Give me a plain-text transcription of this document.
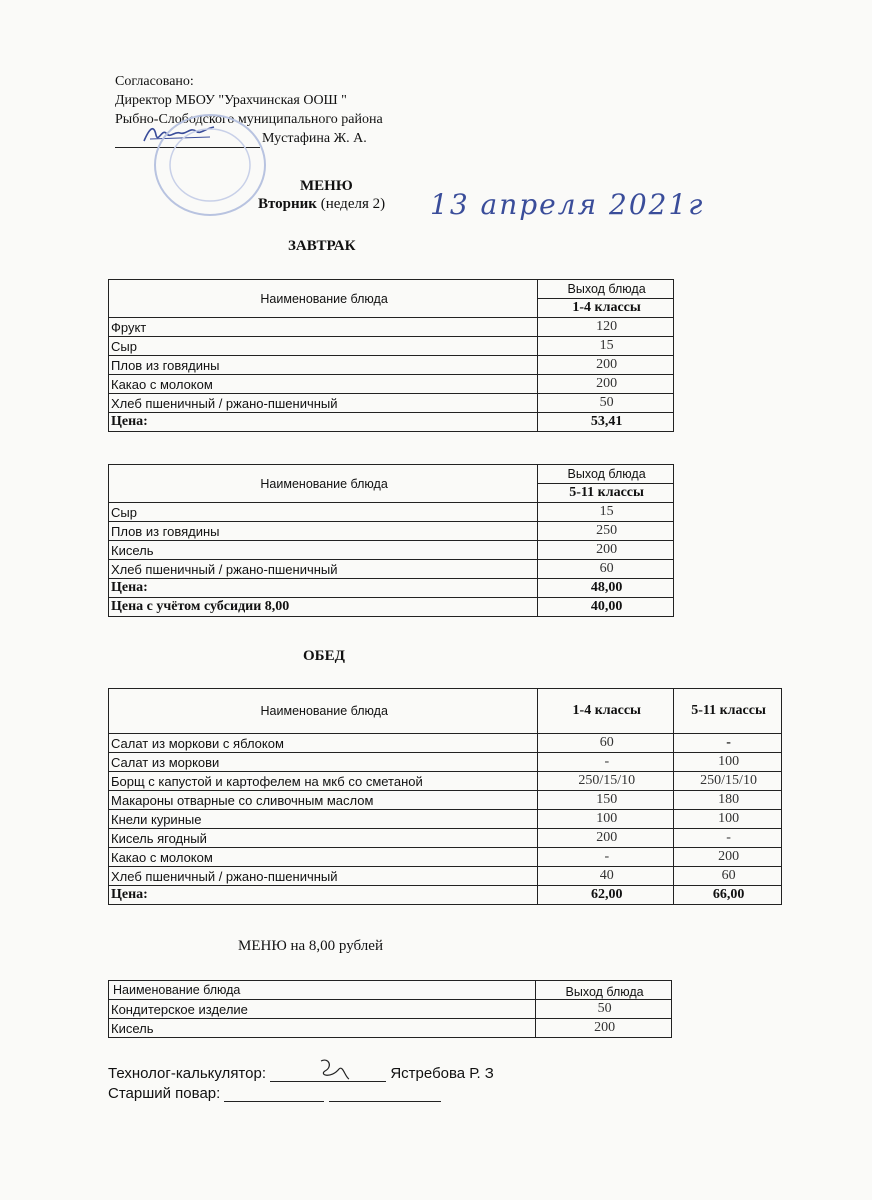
Согласовано:
Директор МБОУ "Урахчинская ООШ "
Рыбно-Слободского муниципального района
Мустафина Ж. А.
МЕНЮ
Вторник (неделя 2) 13 апреля 2021г
ЗАВТРАК
Наименование блюда	Выход блюда
	1-4 классы
Фрукт	120
Сыр	15
Плов из говядины	200
Какао с молоком	200
Хлеб пшеничный / ржано-пшеничный	50
Цена:	53,41
Наименование блюда	Выход блюда
	5-11 классы
Сыр	15
Плов из говядины	250
Кисель	200
Хлеб пшеничный / ржано-пшеничный	60
Цена:	48,00
Цена с учётом субсидии 8,00	40,00
ОБЕД
Наименование блюда	1-4 классы	5-11 классы
Салат из моркови с яблоком	60	-
Салат из моркови	-	100
Борщ с капустой и картофелем на мкб со сметаной	250/15/10	250/15/10
Макароны отварные со сливочным маслом	150	180
Кнели куриные	100	100
Кисель ягодный	200	-
Какао с молоком	-	200
Хлеб пшеничный / ржано-пшеничный	40	60
Цена:	62,00	66,00
МЕНЮ на 8,00 рублей
Наименование блюда	Выход блюда
Кондитерское изделие	50
Кисель	200
Технолог-калькулятор:	Ястребова Р. З
Старший повар:
